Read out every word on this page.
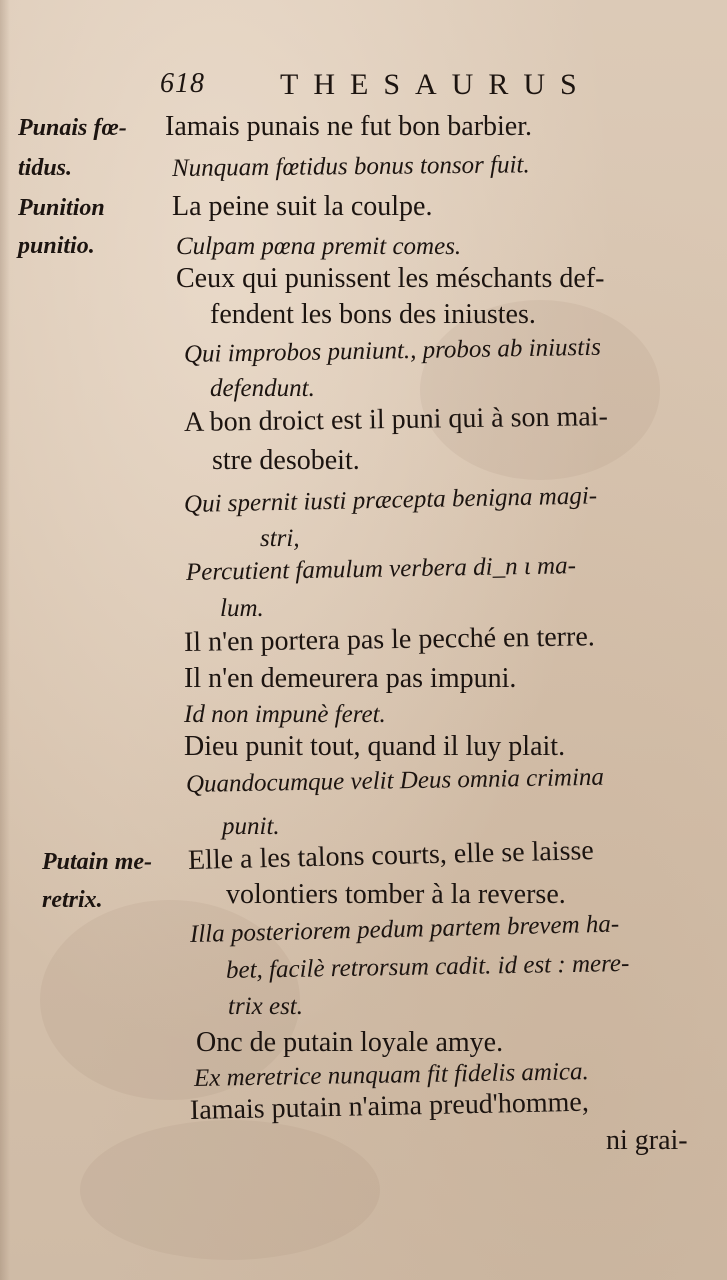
618	THESAURUS
Punais fœ-
tidus.
Punition
punitio.
Putain me-
retrix.
Iamais punais ne fut bon barbier.
Nunquam fœtidus bonus tonsor fuit.
La peine suit la coulpe.
Culpam pœna premit comes.
Ceux qui punissent les méschants def-
fendent les bons des iniustes.
Qui improbos puniunt., probos ab iniustis
defendunt.
A bon droict est il puni qui à son mai-
stre desobeit.
Qui spernit iusti præcepta benigna magi-
stri,
Percutient famulum verbera di_n ι ma-
lum.
Il n'en portera pas le pecché en terre.
Il n'en demeurera pas impuni.
Id non impunè feret.
Dieu punit tout, quand il luy plait.
Quandocumque velit Deus omnia crimina
punit.
Elle a les talons courts, elle se laisse
volontiers tomber à la reverse.
Illa posteriorem pedum partem brevem ha-
bet, facilè retrorsum cadit. id est : mere-
trix est.
Onc de putain loyale amye.
Ex meretrice nunquam fit fidelis amica.
Iamais putain n'aima preud'homme,
ni grai-
